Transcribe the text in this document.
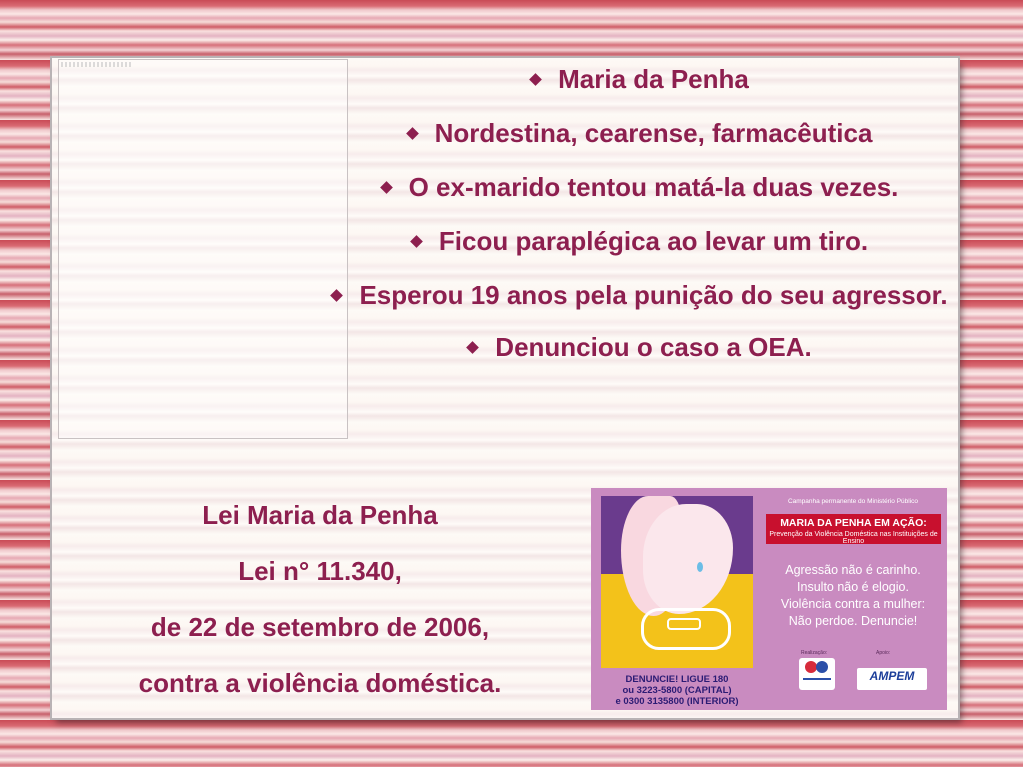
Maria da Penha
Nordestina, cearense, farmacêutica
O ex-marido tentou matá-la duas vezes.
Ficou paraplégica ao levar um tiro.
Esperou 19 anos pela punição do seu agressor.
Denunciou o caso a OEA.
Lei Maria da Penha
Lei n° 11.340,
de 22 de setembro de 2006,
contra a violência doméstica.	DENUNCIE! LIGUE 180
ou 3223-5800 (CAPITAL)
e 0300 3135800 (INTERIOR)
Campanha permanente do Ministério Público
MARIA DA PENHA EM AÇÃO:
Prevenção da Violência Doméstica nas Instituições de Ensino
Agressão não é carinho.
Insulto não é elogio.
Violência contra a mulher:
Não perdoe. Denuncie!
Realização:	Apoio:
AMPEM
